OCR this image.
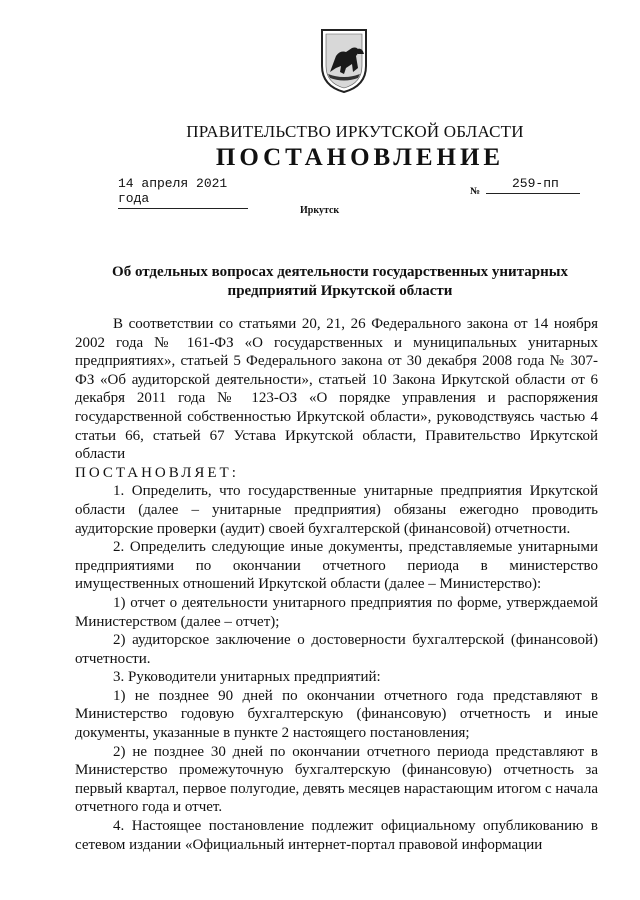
ПРАВИТЕЛЬСТВО ИРКУТСКОЙ ОБЛАСТИ
ПОСТАНОВЛЕНИЕ
14 апреля 2021 года	№
259-пп
Иркутск
Об отдельных вопросах деятельности государственных унитарных
предприятий Иркутской области

В соответствии со статьями 20, 21, 26 Федерального закона от 14 ноября 2002 года № 161-ФЗ «О государственных и муниципальных унитарных предприятиях», статьей 5 Федерального закона от 30 декабря 2008 года № 307-ФЗ «Об аудиторской деятельности», статьей 10 Закона Иркутской области от 6 декабря 2011 года № 123-ОЗ «О порядке управления и распоряжения государственной собственностью Иркутской области», руководствуясь частью 4 статьи 66, статьей 67 Устава Иркутской области, Правительство Иркутской области

ПОСТАНОВЛЯЕТ:

1. Определить, что государственные унитарные предприятия Иркутской области (далее – унитарные предприятия) обязаны ежегодно проводить аудиторские проверки (аудит) своей бухгалтерской (финансовой) отчетности.

2. Определить следующие иные документы, представляемые унитарными предприятиями по окончании отчетного периода в министерство имущественных отношений Иркутской области (далее – Министерство):

1) отчет о деятельности унитарного предприятия по форме, утверждаемой Министерством (далее – отчет);

2) аудиторское заключение о достоверности бухгалтерской (финансовой) отчетности.

3. Руководители унитарных предприятий:

1) не позднее 90 дней по окончании отчетного года представляют в Министерство годовую бухгалтерскую (финансовую) отчетность и иные документы, указанные в пункте 2 настоящего постановления;

2) не позднее 30 дней по окончании отчетного периода представляют в Министерство промежуточную бухгалтерскую (финансовую) отчетность за первый квартал, первое полугодие, девять месяцев нарастающим итогом с начала отчетного года и отчет.

4. Настоящее постановление подлежит официальному опубликованию в сетевом издании «Официальный интернет-портал правовой информации
